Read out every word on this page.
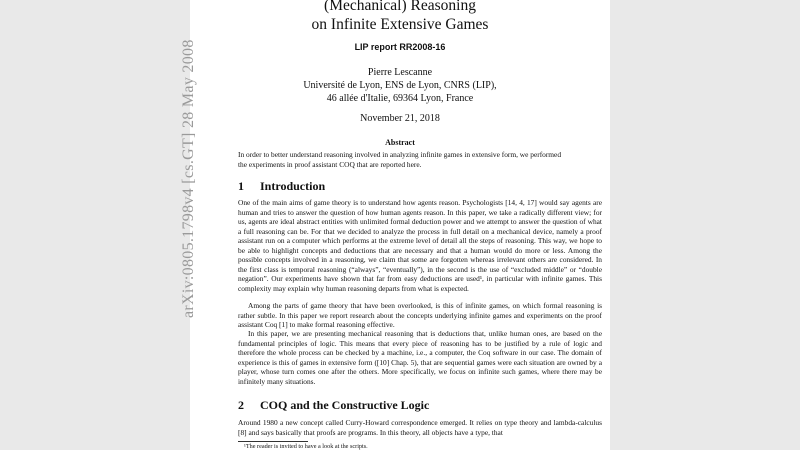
arXiv:0805.1798v4 [cs.GT] 28 May 2008
(Mechanical) Reasoning
on Infinite Extensive Games
LIP report RR2008-16
Pierre Lescanne
Université de Lyon, ENS de Lyon, CNRS (LIP),
46 allée d'Italie, 69364 Lyon, France
November 21, 2018
Abstract
In order to better understand reasoning involved in analyzing infinite games in extensive form, we performed the experiments in proof assistant COQ that are reported here.
1 Introduction
One of the main aims of game theory is to understand how agents reason. Psychologists [14, 4, 17] would say agents are human and tries to answer the question of how human agents reason. In this paper, we take a radically different view; for us, agents are ideal abstract entities with unlimited formal deduction power and we attempt to answer the question of what a full reasoning can be. For that we decided to analyze the process in full detail on a mechanical device, namely a proof assistant run on a computer which performs at the extreme level of detail all the steps of reasoning. This way, we hope to be able to highlight concepts and deductions that are necessary and that a human would do more or less. Among the possible concepts involved in a reasoning, we claim that some are forgotten whereas irrelevant others are considered. In the first class is temporal reasoning (“always”, “eventually”), in the second is the use of “excluded middle” or “double negation”. Our experiments have shown that far from easy deductions are used¹, in particular with infinite games. This complexity may explain why human reasoning departs from what is expected.
Among the parts of game theory that have been overlooked, is this of infinite games, on which formal reasoning is rather subtle. In this paper we report research about the concepts underlying infinite games and experiments on the proof assistant Coq [1] to make formal reasoning effective.
In this paper, we are presenting mechanical reasoning that is deductions that, unlike human ones, are based on the fundamental principles of logic. This means that every piece of reasoning has to be justified by a rule of logic and therefore the whole process can be checked by a machine, i.e., a computer, the Coq software in our case. The domain of experience is this of games in extensive form ([10] Chap. 5), that are sequential games were each situation are owned by a player, whose turn comes one after the others. More specifically, we focus on infinite such games, where there may be infinitely many situations.
2 COQ and the Constructive Logic
Around 1980 a new concept called Curry-Howard correspondence emerged. It relies on type theory and lambda-calculus [8] and says basically that proofs are programs. In this theory, all objects have a type, that
¹The reader is invited to have a look at the scripts.
